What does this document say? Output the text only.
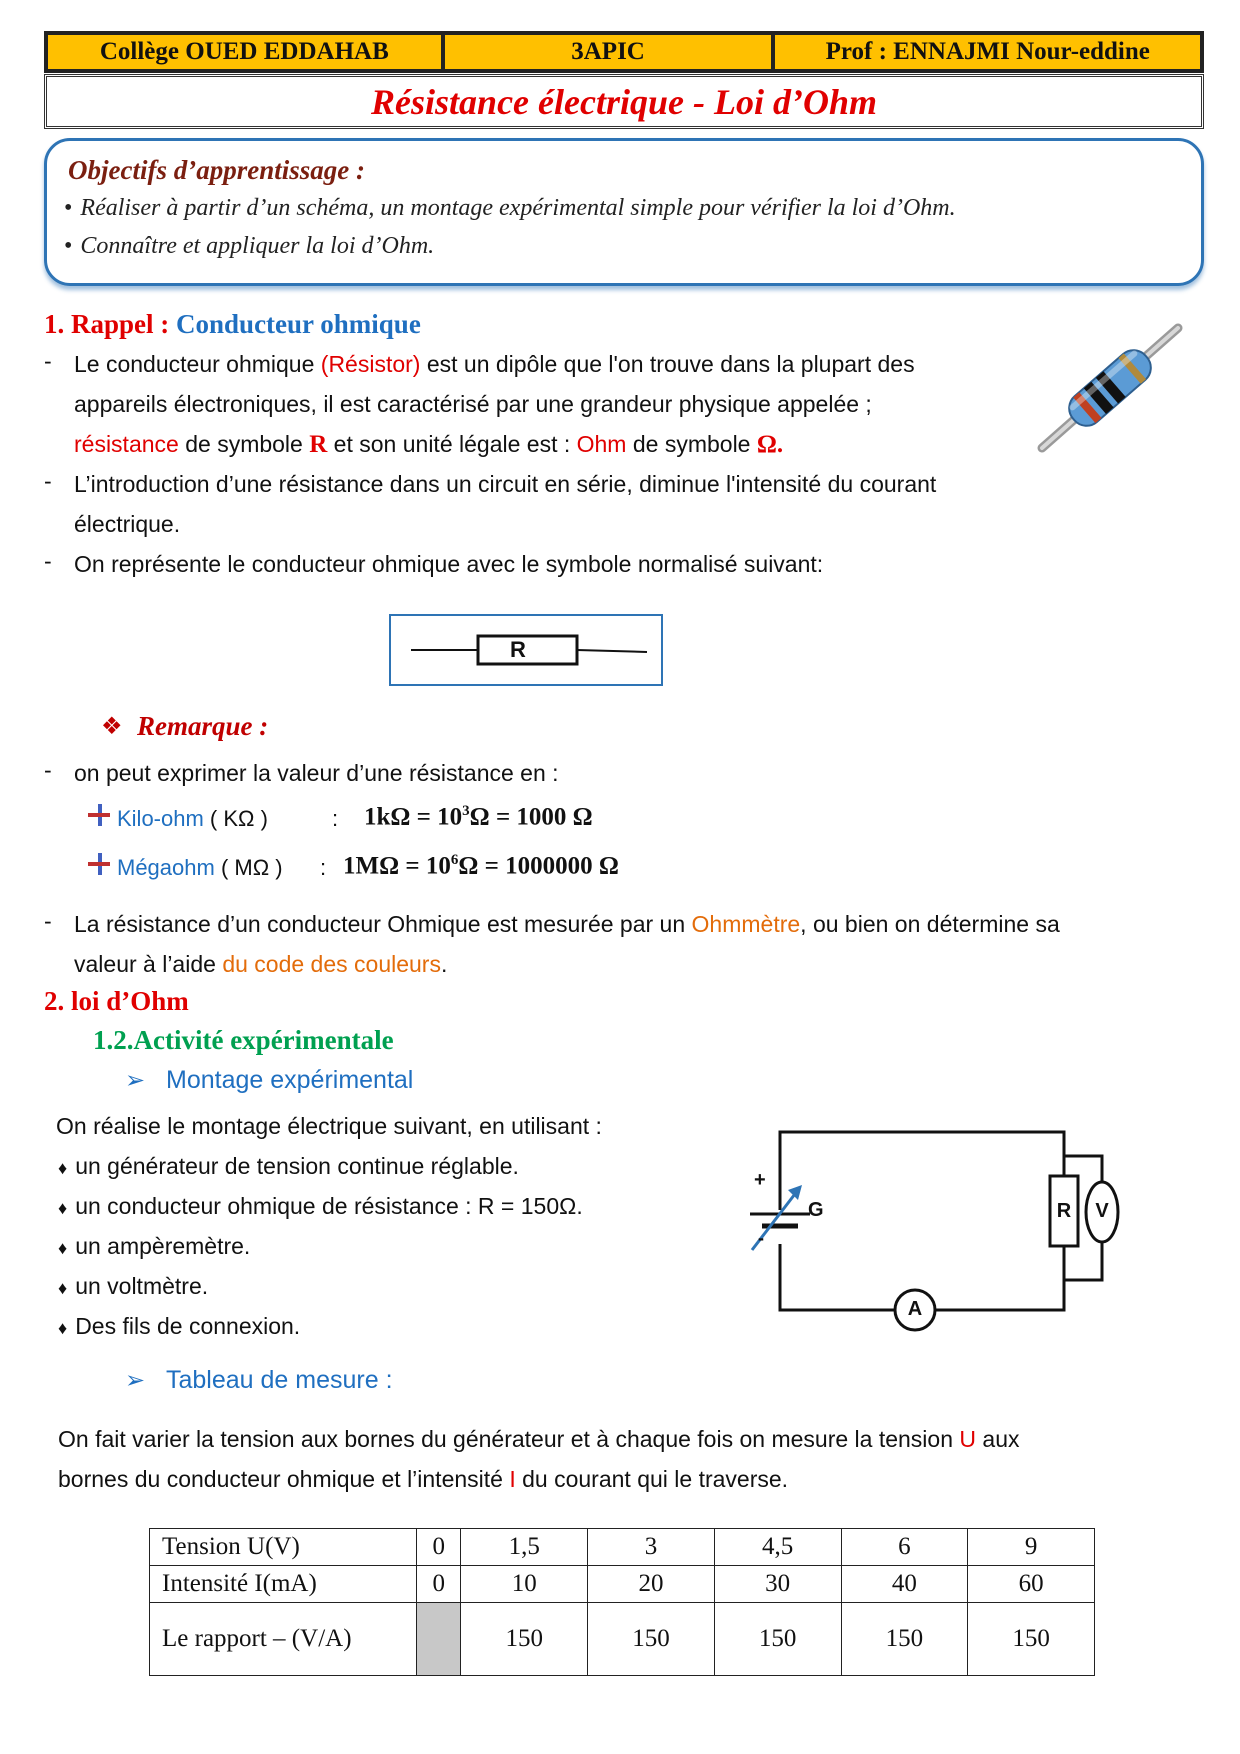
Collège OUED EDDAHAB	3APIC	Prof : ENNAJMI Nour-eddine
Résistance électrique - Loi d’Ohm
Objectifs d’apprentissage :
• Réaliser à partir d’un schéma, un montage expérimental simple pour vérifier la loi d’Ohm.
• Connaître et appliquer la loi d’Ohm.
1. Rappel : Conducteur ohmique
- Le conducteur ohmique (Résistor) est un dipôle que l'on trouve dans la plupart des
appareils électroniques, il est caractérisé par une grandeur physique appelée ;
résistance de symbole R et son unité légale est : Ohm de symbole Ω.
- L’introduction d’une résistance dans un circuit en série, diminue l'intensité du courant
électrique.
- On représente le conducteur ohmique avec le symbole normalisé suivant:
R
❖ Remarque :
- on peut exprimer la valeur d’une résistance en :
Kilo-ohm ( KΩ )	: $1k\Omega = 10^3\Omega = 1000$ Ω
Mégaohm ( MΩ ) : $1M\Omega = 10^6\Omega = 1000000$ Ω
- La résistance d’un conducteur Ohmique est mesurée par un Ohmmètre, ou bien on détermine sa
valeur à l’aide du code des couleurs.
2. loi d’Ohm
1.2.Activité expérimentale
➢ Montage expérimental
On réalise le montage électrique suivant, en utilisant :
♦ un générateur de tension continue réglable.
♦ un conducteur ohmique de résistance : R = 150Ω.
♦ un ampèremètre.
♦ un voltmètre.
♦ Des fils de connexion.
+
-
G	R	V
A
➢ Tableau de mesure :
On fait varier la tension aux bornes du générateur et à chaque fois on mesure la tension U aux
bornes du conducteur ohmique et l’intensité I du courant qui le traverse.
Tension U(V)	0	1,5	3	4,5	6	9
Intensité I(mA)	0	10	20	30	40	60
Le rapport – (V/A)		150	150	150	150	150
